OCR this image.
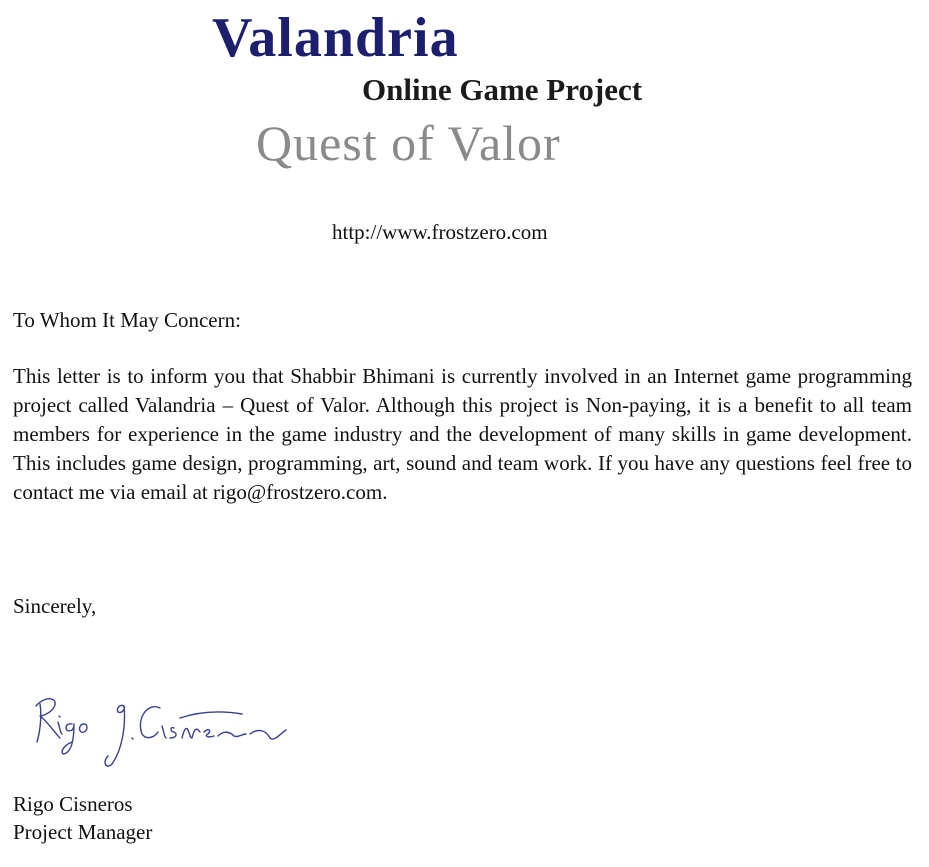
Valandria
Online Game Project
Quest of Valor
http://www.frostzero.com
To Whom It May Concern:
This letter is to inform you that Shabbir Bhimani is currently involved in an Internet game programming project called Valandria – Quest of Valor. Although this project is Non-paying, it is a benefit to all team members for experience in the game industry and the development of many skills in game development. This includes game design, programming, art, sound and team work. If you have any questions feel free to contact me via email at rigo@frostzero.com.
Sincerely,
Rigo Cisneros
Project Manager
